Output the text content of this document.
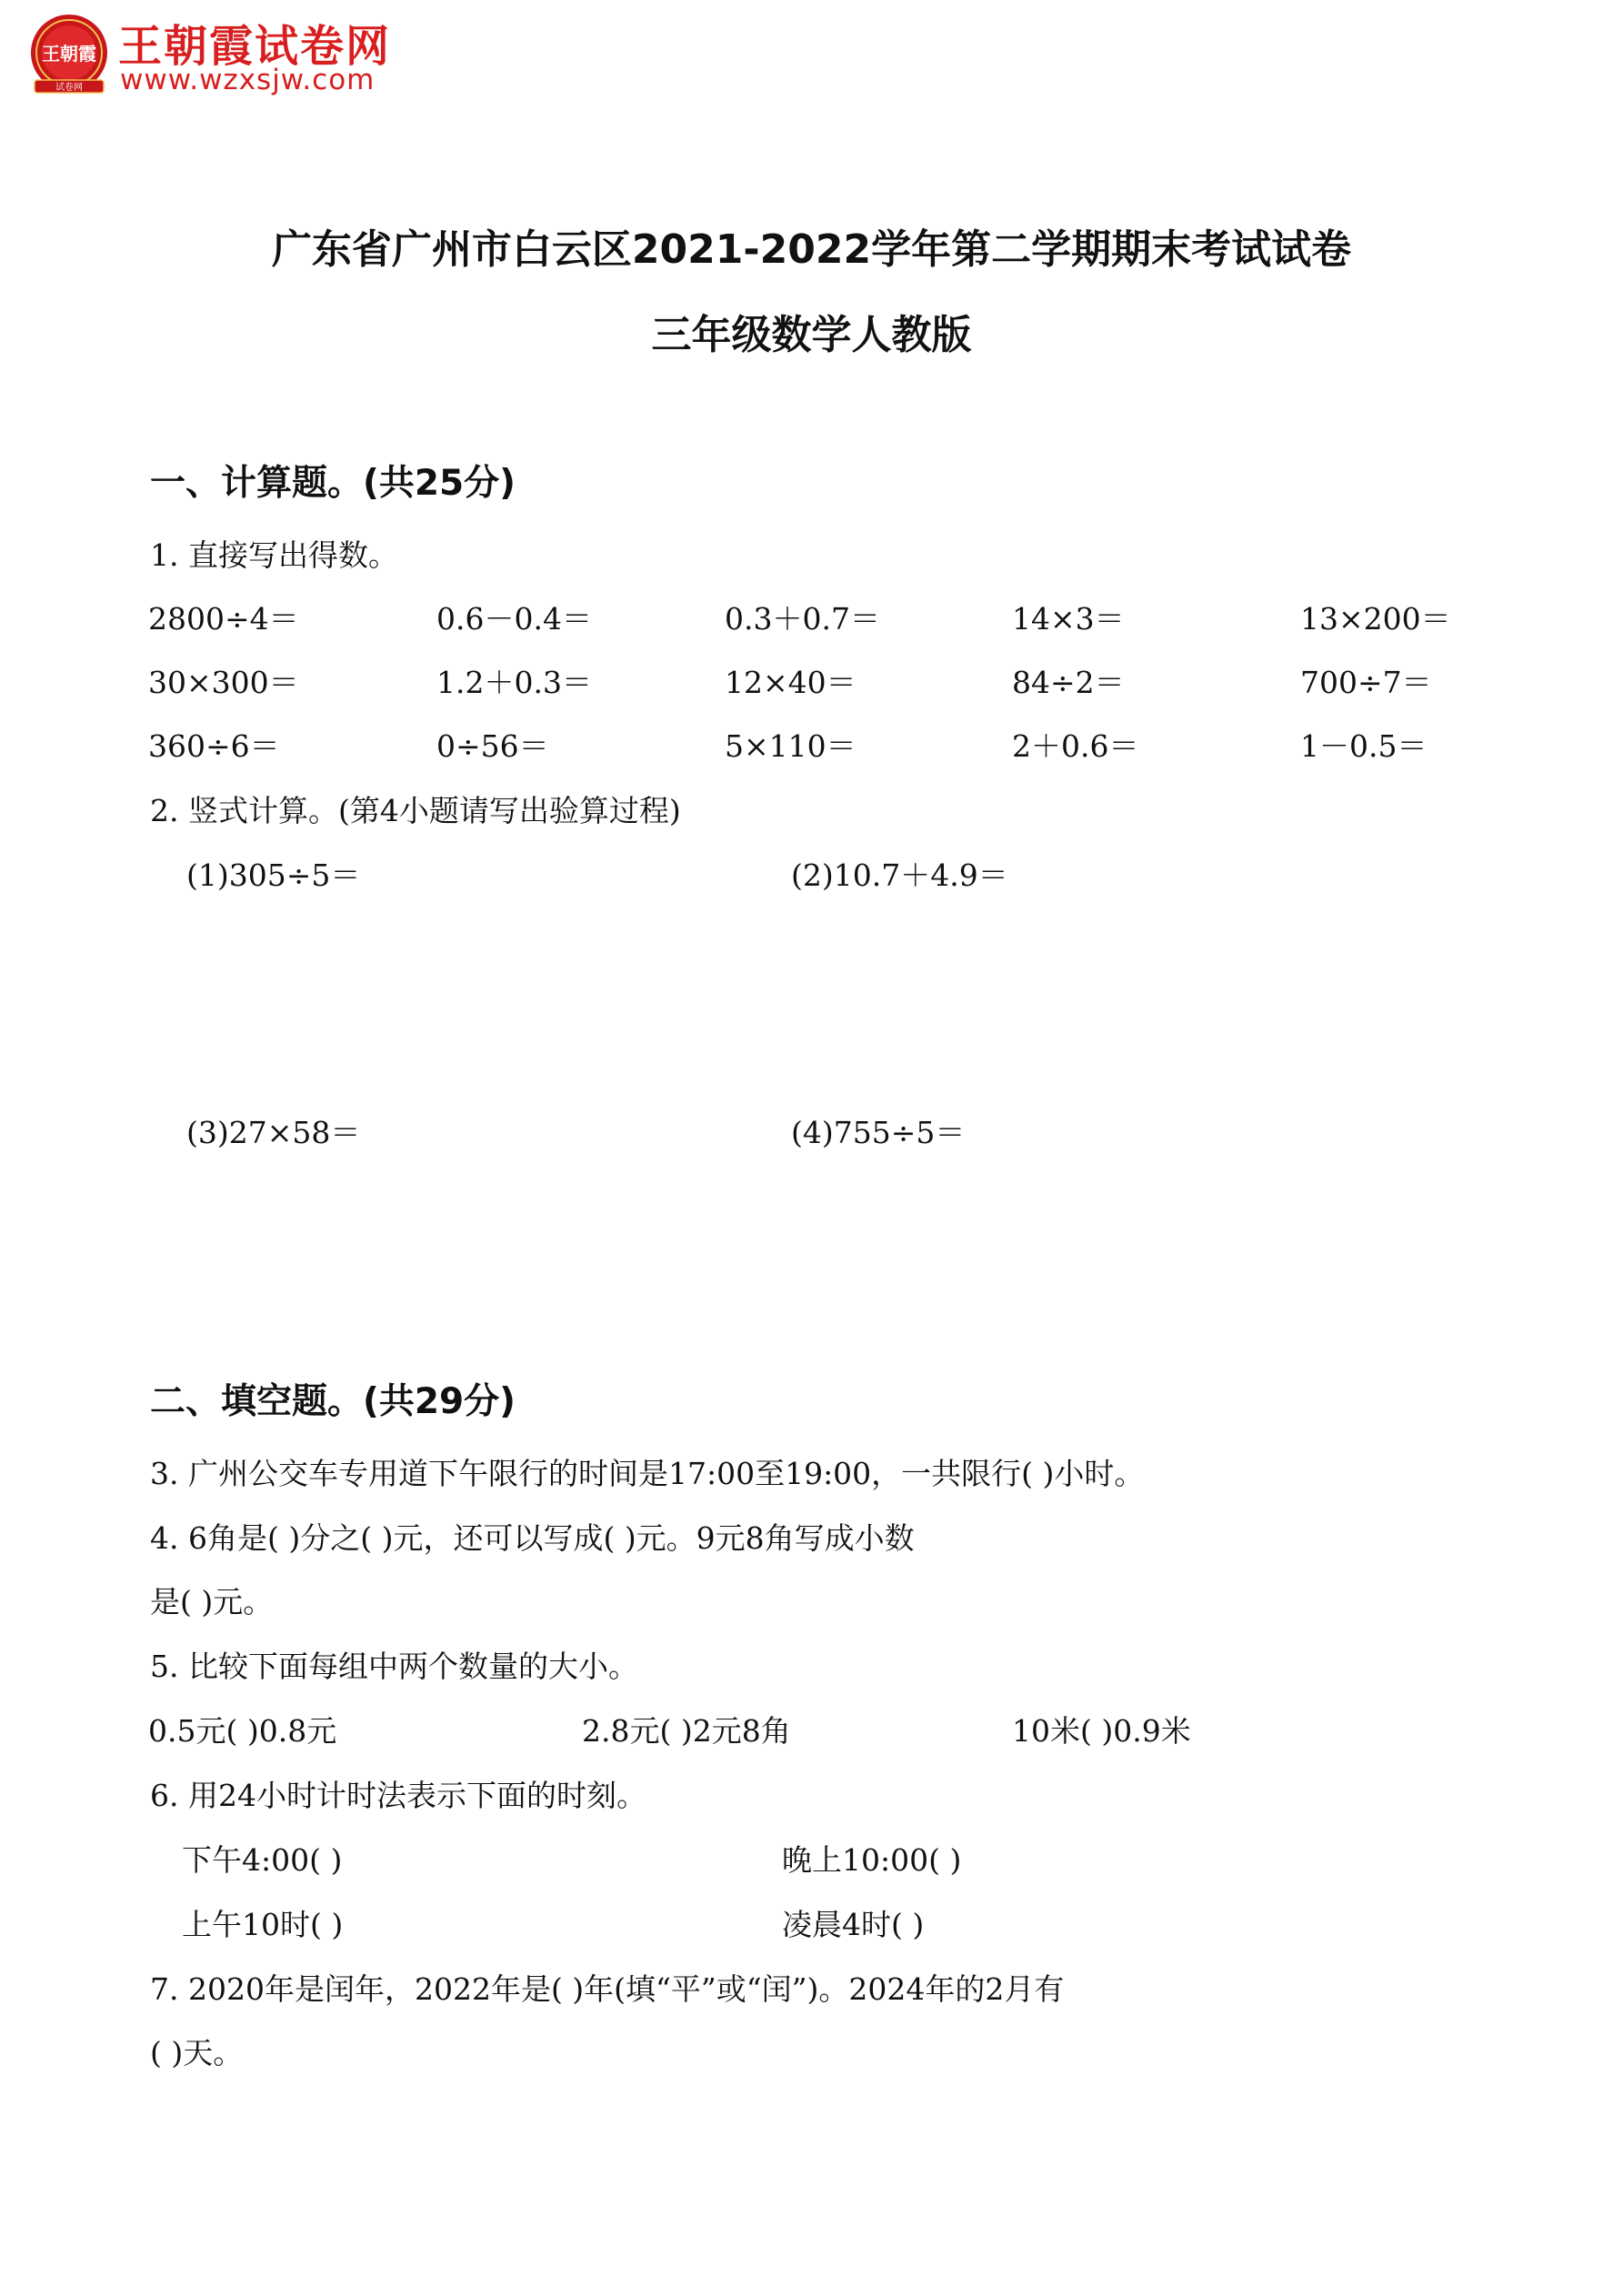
王朝霞
试卷网
王朝霞试卷网
www.wzxsjw.com
广东省广州市白云区2021-2022学年第二学期期末考试试卷
三年级数学人教版
一、计算题。(共25分)
1. 直接写出得数。
2800÷4＝	0.6－0.4＝	0.3＋0.7＝	14×3＝	13×200＝
30×300＝	1.2＋0.3＝	12×40＝	84÷2＝	700÷7＝
360÷6＝	0÷56＝	5×110＝	2＋0.6＝	1－0.5＝
2. 竖式计算。(第4小题请写出验算过程)
(1)305÷5＝	(2)10.7＋4.9＝
(3)27×58＝	(4)755÷5＝
二、填空题。(共29分)
3. 广州公交车专用道下午限行的时间是17:00至19:00，一共限行( )小时。
4. 6角是( )分之( )元，还可以写成( )元。9元8角写成小数
是( )元。
5. 比较下面每组中两个数量的大小。
0.5元( )0.8元	2.8元( )2元8角	10米( )0.9米
6. 用24小时计时法表示下面的时刻。
下午4:00( )	晚上10:00( )
上午10时( )	凌晨4时( )
7. 2020年是闰年，2022年是( )年(填“平”或“闰”)。2024年的2月有
( )天。
